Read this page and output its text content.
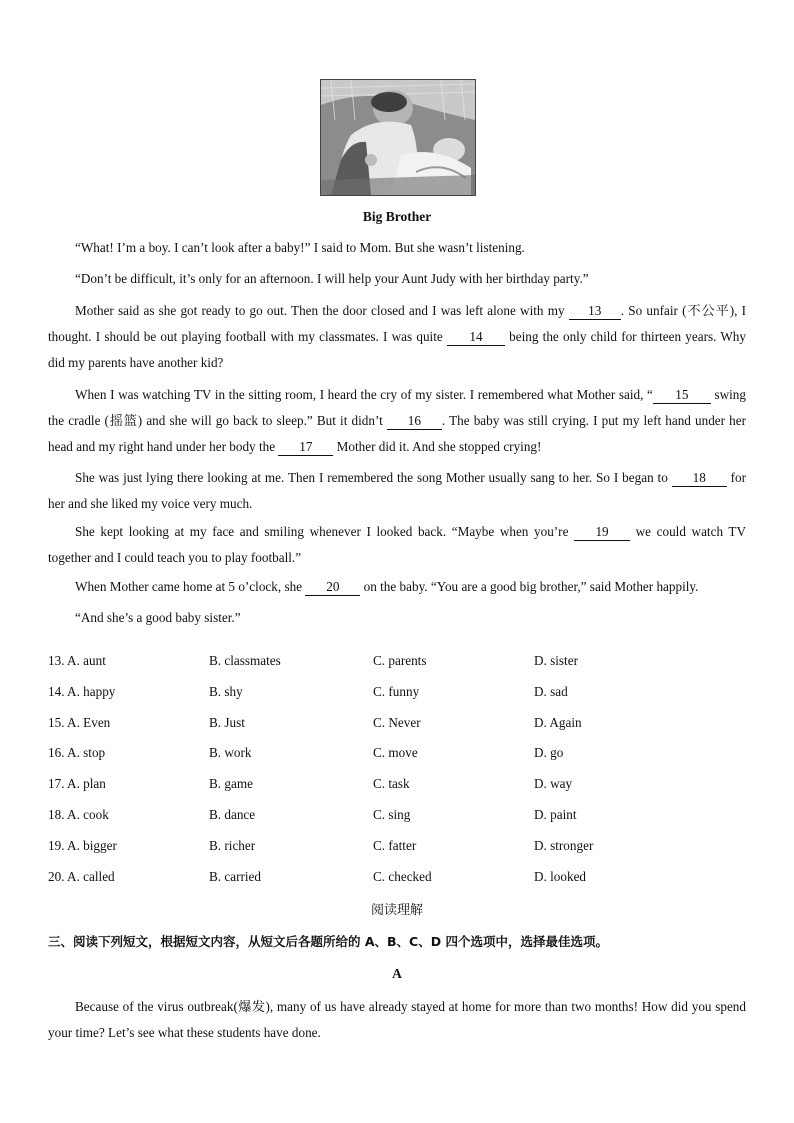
Big Brother

“What! I’m a boy. I can’t look after a baby!” I said to Mom. But she wasn’t listening.

“Don’t be difficult, it’s only for an afternoon. I will help your Aunt Judy with her birthday party.”

Mother said as she got ready to go out. Then the door closed and I was left alone with my 13 . So unfair (不公平), I thought. I should be out playing football with my classmates. I was quite 14 being the only child for thirteen years. Why did my parents have another kid?

When I was watching TV in the sitting room, I heard the cry of my sister. I remembered what Mother said, “ 15 swing the cradle (摇篮) and she will go back to sleep.” But it didn’t 16 . The baby was still crying. I put my left hand under her head and my right hand under her body the 17 Mother did it. And she stopped crying!

She was just lying there looking at me. Then I remembered the song Mother usually sang to her. So I began to 18 for her and she liked my voice very much.

She kept looking at my face and smiling whenever I looked back. “Maybe when you’re 19 we could watch TV together and I could teach you to play football.”

When Mother came home at 5 o’clock, she 20 on the baby. “You are a good big brother,” said Mother happily.

“And she’s a good baby sister.”

13. A. aunt	B. classmates	C. parents	D. sister
14. A. happy	B. shy	C. funny	D. sad
15. A. Even	B. Just	C. Never	D. Again
16. A. stop	B. work	C. move	D. go
17. A. plan	B. game	C. task	D. way
18. A. cook	B. dance	C. sing	D. paint
19. A. bigger	B. richer	C. fatter	D. stronger
20. A. called	B. carried	C. checked	D. looked
阅读理解
三、阅读下列短文，根据短文内容，从短文后各题所给的 A、B、C、D 四个选项中，选择最佳选项。
A

Because of the virus outbreak(爆发), many of us have already stayed at home for more than two months! How did you spend your time? Let’s see what these students have done.
